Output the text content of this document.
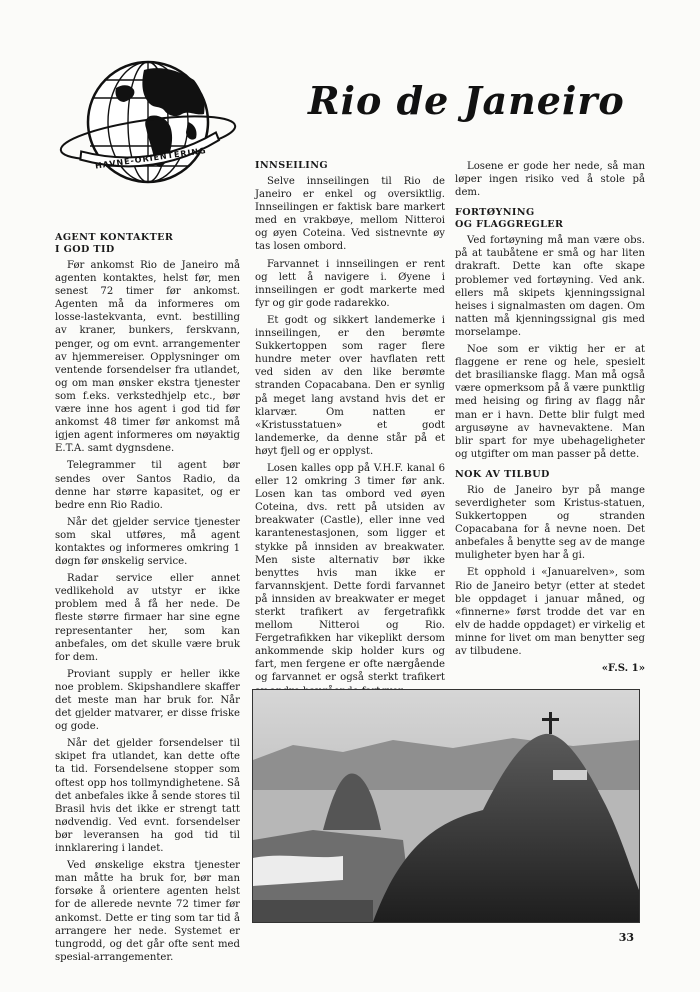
HAVNE-ORIENTERING
Rio de Janeiro
AGENT KONTAKTER
I GOD TID

Før ankomst Rio de Janeiro må agenten kontaktes, helst før, men senest 72 timer før ankomst. Agenten må da informeres om losse-lastekvanta, evnt. bestilling av kraner, bunkers, ferskvann, penger, og om evnt. arrangementer av hjemmereiser. Opplysninger om ventende forsendelser fra utlandet, og om man ønsker ekstra tjenester som f.eks. verkstedhjelp etc., bør være inne hos agent i god tid før ankomst 48 timer før ankomst må igjen agent informeres om nøyaktig E.T.A. samt dygnsdene.

Telegrammer til agent bør sendes over Santos Radio, da denne har større kapasitet, og er bedre enn Rio Radio.

Når det gjelder service tjenester som skal utføres, må agent kontaktes og informeres omkring 1 døgn før ønskelig service.

Radar service eller annet vedlikehold av utstyr er ikke problem med å få her nede. De fleste større firmaer har sine egne representanter her, som kan anbefales, om det skulle være bruk for dem.

Proviant supply er heller ikke noe problem. Skipshandlere skaffer det meste man har bruk for. Når det gjelder matvarer, er disse friske og gode.

Når det gjelder forsendelser til skipet fra utlandet, kan dette ofte ta tid. Forsendelsene stopper som oftest opp hos tollmyndighetene. Så det anbefales ikke å sende stores til Brasil hvis det ikke er strengt tatt nødvendig. Ved evnt. forsendelser bør leveransen ha god tid til innklarering i landet.

Ved ønskelige ekstra tjenester man måtte ha bruk for, bør man forsøke å orientere agenten helst for de allerede nevnte 72 timer før ankomst. Dette er ting som tar tid å arrangere her nede. Systemet er tungrodd, og det går ofte sent med spesial-arrangementer.

INNSEILING

Selve innseilingen til Rio de Janeiro er enkel og oversiktlig. Innseilingen er faktisk bare markert med en vrakbøye, mellom Nitteroi og øyen Coteina. Ved sistnevnte øy tas losen ombord.

Farvannet i innseilingen er rent og lett å navigere i. Øyene i innseilingen er godt markerte med fyr og gir gode radarekko.

Et godt og sikkert landemerke i innseilingen, er den berømte Sukkertoppen som rager flere hundre meter over havflaten rett ved siden av den like berømte stranden Copacabana. Den er synlig på meget lang avstand hvis det er klarvær. Om natten er «Kristusstatuen» et godt landemerke, da denne står på et høyt fjell og er opplyst.

Losen kalles opp på V.H.F. kanal 6 eller 12 omkring 3 timer før ank. Losen kan tas ombord ved øyen Coteina, dvs. rett på utsiden av breakwater (Castle), eller inne ved karantenestasjonen, som ligger et stykke på innsiden av breakwater. Men siste alternativ bør ikke benyttes hvis man ikke er farvannskjent. Dette fordi farvannet på innsiden av breakwater er meget sterkt trafikert av fergetrafikk mellom Nitteroi og Rio. Fergetrafikken har vikeplikt dersom ankommende skip holder kurs og fart, men fergene er ofte nærgående og farvannet er også sterkt trafikert

Losene er gode her nede, så man løper ingen risiko ved å stole på dem.

FORTØYNING
OG FLAGGREGLER

Ved fortøyning må man være obs. på at taubåtene er små og har liten drakraft. Dette kan ofte skape problemer ved fortøyning. Ved ank. ellers må skipets kjenningssignal heises i signalmasten om dagen. Om natten må kjenningssignal gis med morselampe.

Noe som er viktig her er at flaggene er rene og hele, spesielt det brasilianske flagg. Man må også være opmerksom på å være punktlig med heising og firing av flagg når man er i havn. Dette blir fulgt med argusøyne av havnevaktene. Man blir spart for mye ubehageligheter og utgifter om man passer på dette.

NOK AV TILBUD

Rio de Janeiro byr på mange severdigheter som Kristus-statuen, Sukkertoppen og stranden Copacabana for å nevne noen. Det anbefales å benytte seg av de mange muligheter byen har å gi.

Et opphold i «Januarelven», som Rio de Janeiro betyr (etter at stedet ble oppdaget i januar måned, og «finnerne» først trodde det var en elv de hadde oppdaget) er virkelig et minne for livet om man benytter seg av tilbudene.

«F.S. 1»
33
